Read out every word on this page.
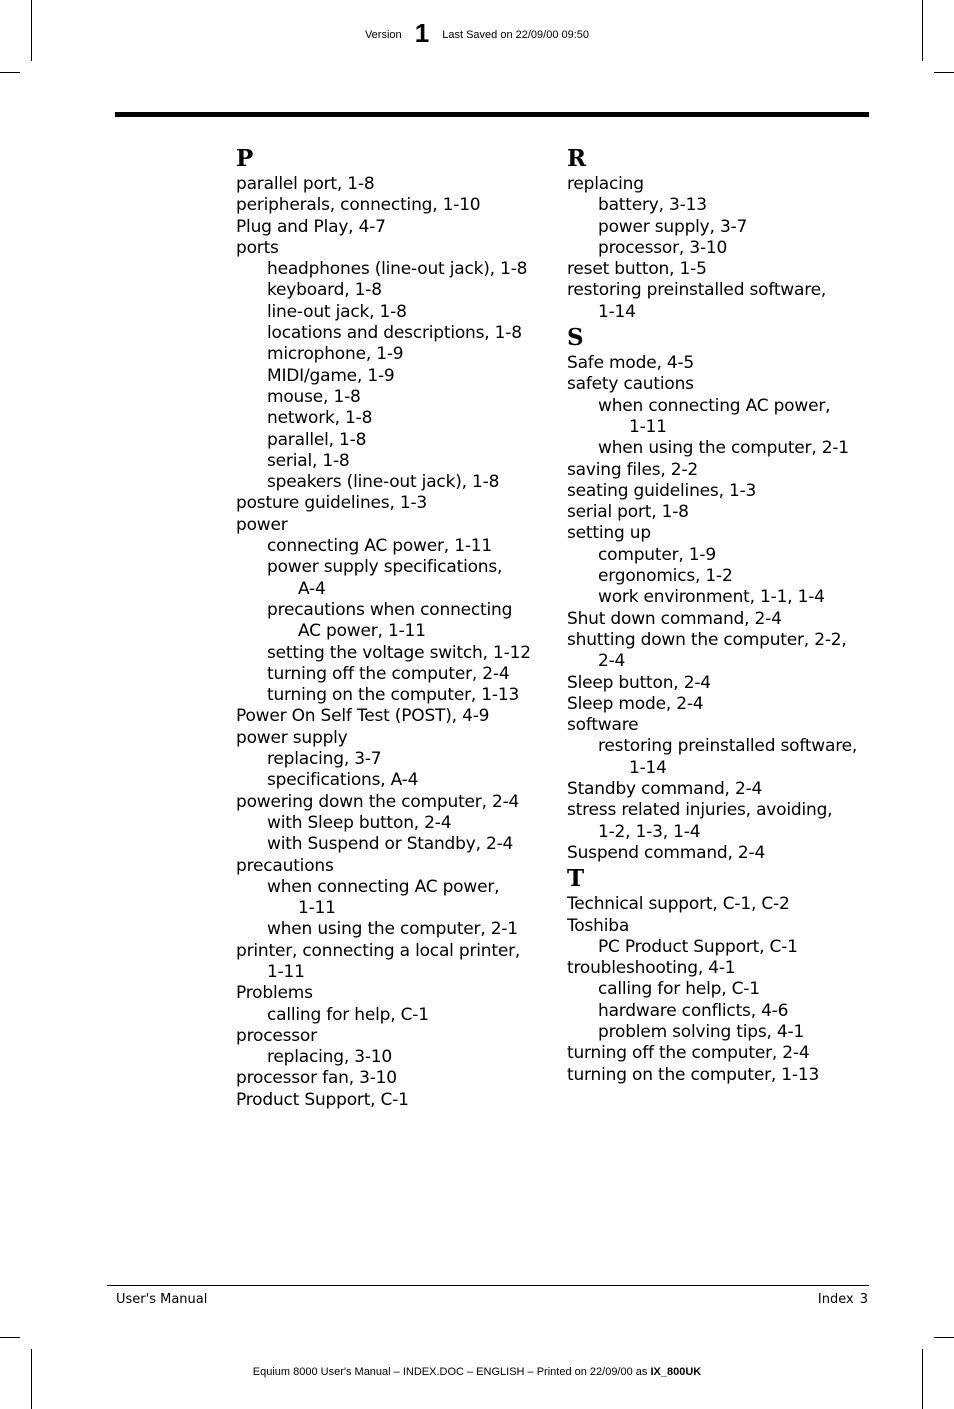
Version 1 Last Saved on 22/09/00 09:50
P
parallel port, 1-8
peripherals, connecting, 1-10
Plug and Play, 4-7
ports
headphones (line-out jack), 1-8
keyboard, 1-8
line-out jack, 1-8
locations and descriptions, 1-8
microphone, 1-9
MIDI/game, 1-9
mouse, 1-8
network, 1-8
parallel, 1-8
serial, 1-8
speakers (line-out jack), 1-8
posture guidelines, 1-3
power
connecting AC power, 1-11
power supply specifications,
A-4
precautions when connecting
AC power, 1-11
setting the voltage switch, 1-12
turning off the computer, 2-4
turning on the computer, 1-13
Power On Self Test (POST), 4-9
power supply
replacing, 3-7
specifications, A-4
powering down the computer, 2-4
with Sleep button, 2-4
with Suspend or Standby, 2-4
precautions
when connecting AC power,
1-11
when using the computer, 2-1
printer, connecting a local printer,
1-11
Problems
calling for help, C-1
processor
replacing, 3-10
processor fan, 3-10
Product Support, C-1
R
replacing
battery, 3-13
power supply, 3-7
processor, 3-10
reset button, 1-5
restoring preinstalled software,
1-14
S
Safe mode, 4-5
safety cautions
when connecting AC power,
1-11
when using the computer, 2-1
saving files, 2-2
seating guidelines, 1-3
serial port, 1-8
setting up
computer, 1-9
ergonomics, 1-2
work environment, 1-1, 1-4
Shut down command, 2-4
shutting down the computer, 2-2,
2-4
Sleep button, 2-4
Sleep mode, 2-4
software
restoring preinstalled software,
1-14
Standby command, 2-4
stress related injuries, avoiding,
1-2, 1-3, 1-4
Suspend command, 2-4
T
Technical support, C-1, C-2
Toshiba
PC Product Support, C-1
troubleshooting, 4-1
calling for help, C-1
hardware conflicts, 4-6
problem solving tips, 4-1
turning off the computer, 2-4
turning on the computer, 1-13
User's Manual	Index 3
Equium 8000 User's Manual – INDEX.DOC – ENGLISH – Printed on 22/09/00 as IX_800UK
